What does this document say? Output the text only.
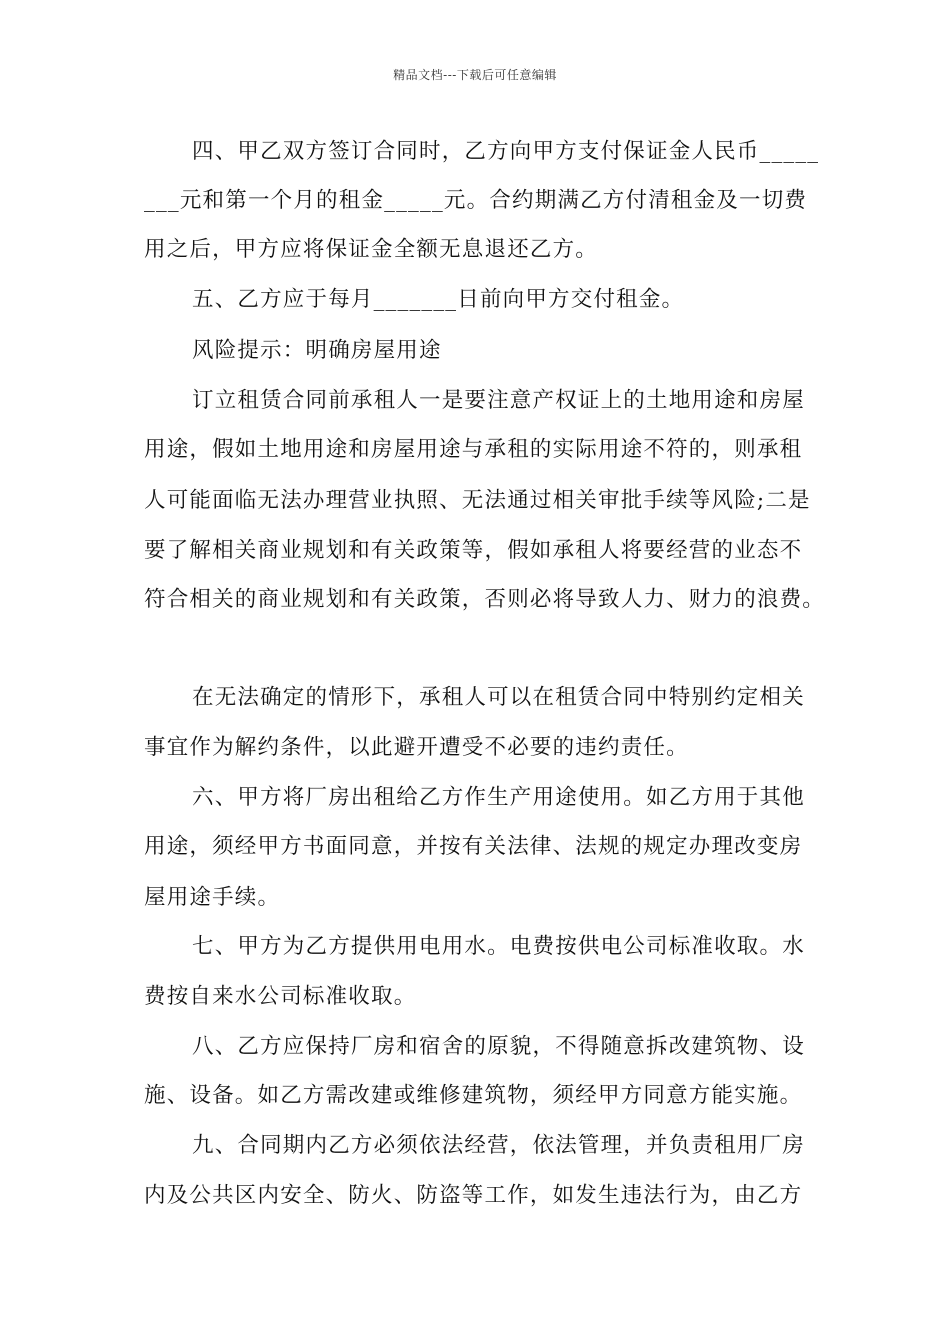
精品文档---下载后可任意编辑
四、甲乙双方签订合同时，乙方向甲方支付保证金人民币_____
___元和第一个月的租金_____元。合约期满乙方付清租金及一切费
用之后，甲方应将保证金全额无息退还乙方。
五、乙方应于每月_______日前向甲方交付租金。
风险提示：明确房屋用途
订立租赁合同前承租人一是要注意产权证上的土地用途和房屋
用途，假如土地用途和房屋用途与承租的实际用途不符的，则承租
人可能面临无法办理营业执照、无法通过相关审批手续等风险;二是
要了解相关商业规划和有关政策等，假如承租人将要经营的业态不
符合相关的商业规划和有关政策，否则必将导致人力、财力的浪费。
在无法确定的情形下，承租人可以在租赁合同中特别约定相关
事宜作为解约条件，以此避开遭受不必要的违约责任。
六、甲方将厂房出租给乙方作生产用途使用。如乙方用于其他
用途，须经甲方书面同意，并按有关法律、法规的规定办理改变房
屋用途手续。
七、甲方为乙方提供用电用水。电费按供电公司标准收取。水
费按自来水公司标准收取。
八、乙方应保持厂房和宿舍的原貌，不得随意拆改建筑物、设
施、设备。如乙方需改建或维修建筑物，须经甲方同意方能实施。
九、合同期内乙方必须依法经营，依法管理，并负责租用厂房
内及公共区内安全、防火、防盗等工作，如发生违法行为，由乙方
